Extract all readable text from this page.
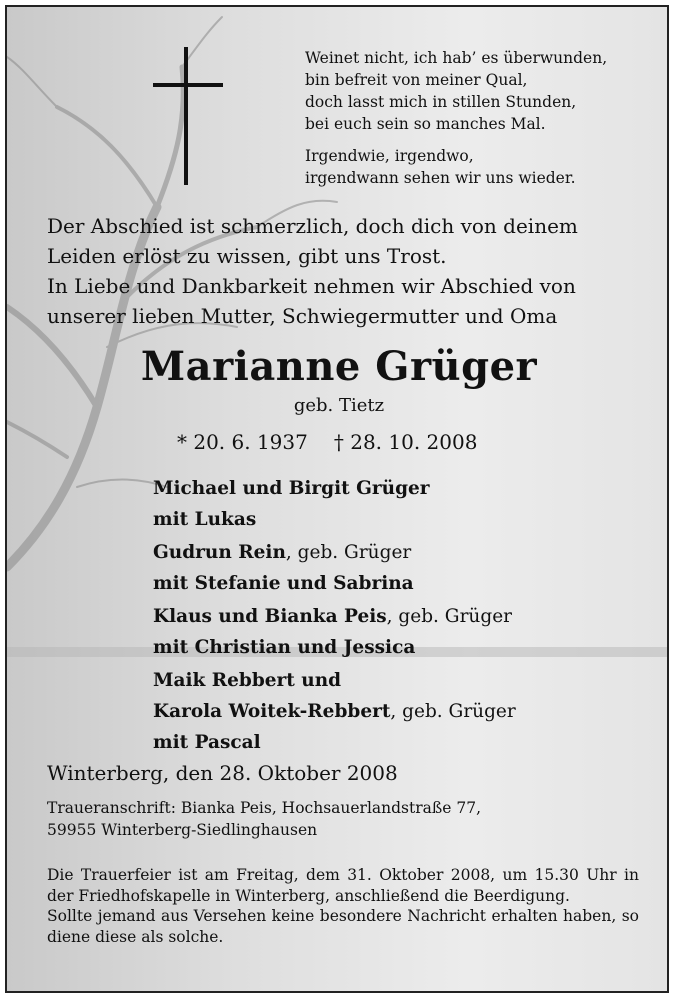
Weinet nicht, ich hab’ es überwunden,

bin befreit von meiner Qual,

doch lasst mich in stillen Stunden,

bei euch sein so manches Mal.

Irgendwie, irgendwo,

irgendwann sehen wir uns wieder.

Der Abschied ist schmerzlich, doch dich von deinem

Leiden erlöst zu wissen, gibt uns Trost.

In Liebe und Dankbarkeit nehmen wir Abschied von

unserer lieben Mutter, Schwiegermutter und Oma

Marianne Grüger
geb. Tietz
* 20. 6. 1937 † 28. 10. 2008
Michael und Birgit Grüger
mit Lukas
Gudrun Rein, geb. Grüger
mit Stefanie und Sabrina
Klaus und Bianka Peis, geb. Grüger
mit Christian und Jessica
Maik Rebbert und
Karola Woitek-Rebbert, geb. Grüger
mit Pascal
Winterberg, den 28. Oktober 2008

Traueranschrift: Bianka Peis, Hochsauerlandstraße 77,

59955 Winterberg-Siedlinghausen

Die Trauerfeier ist am Freitag, dem 31. Oktober 2008, um 15.30 Uhr in der Friedhofskapelle in Winterberg, anschließend die Beerdigung.

Sollte jemand aus Versehen keine besondere Nachricht erhalten haben, so diene diese als solche.
